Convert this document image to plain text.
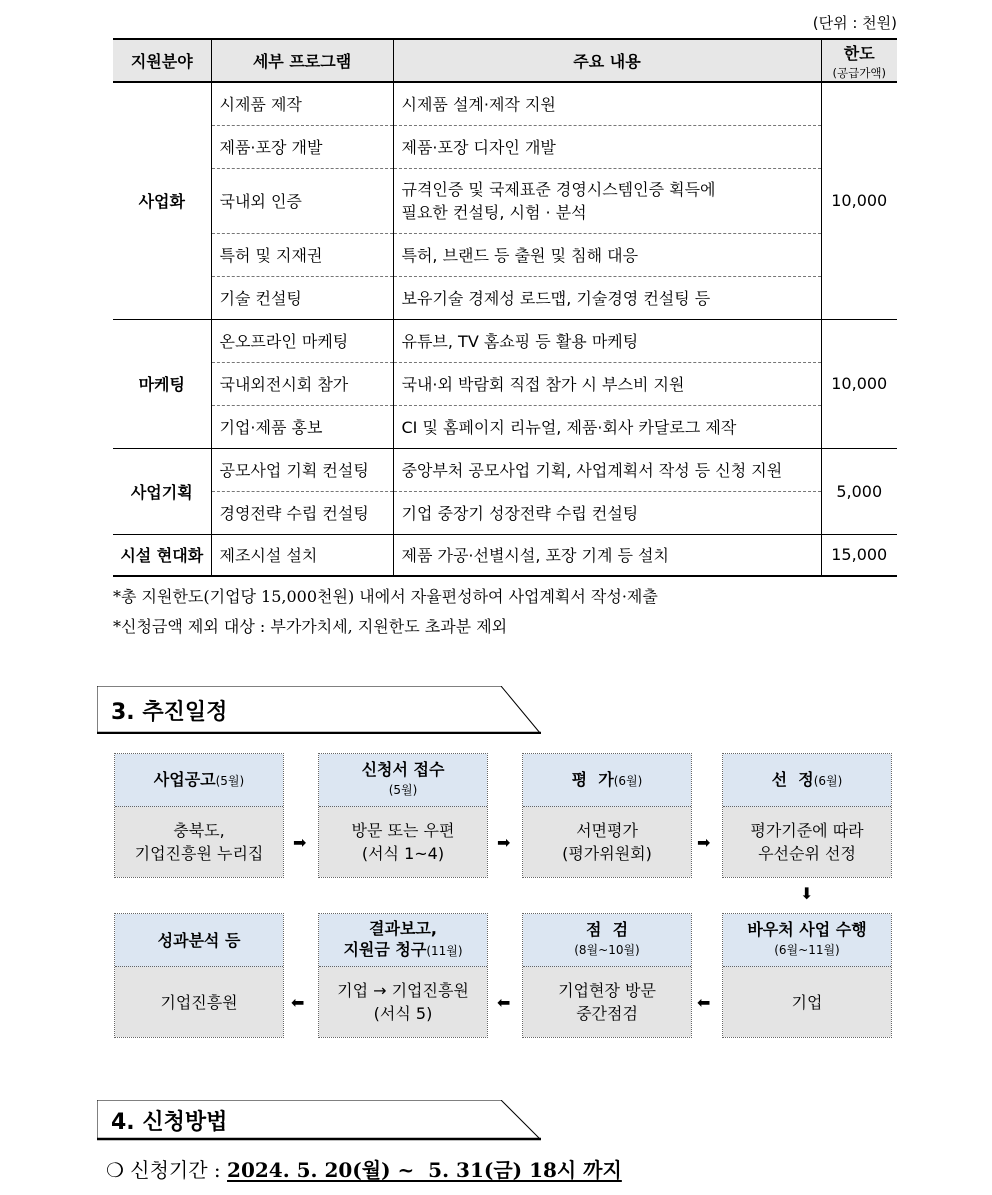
(단위 : 천원)
지원분야	세부 프로그램	주요 내용	한도
(공급가액)

사업화	시제품 제작	시제품 설계·제작 지원	10,000
	제품·포장 개발	제품·포장 디자인 개발	
	국내외 인증	규격인증 및 국제표준 경영시스템인증 획득에
필요한 컨설팅, 시험 · 분석	

	특허 및 지재권	특허, 브랜드 등 출원 및 침해 대응	
	기술 컨설팅	보유기술 경제성 로드맵, 기술경영 컨설팅 등	
마케팅	온오프라인 마케팅	유튜브, TV 홈쇼핑 등 활용 마케팅	10,000
	국내외전시회 참가	국내·외 박람회 직접 참가 시 부스비 지원	
	기업·제품 홍보	CI 및 홈페이지 리뉴얼, 제품·회사 카달로그 제작	
사업기획	공모사업 기획 컨설팅	중앙부처 공모사업 기획, 사업계획서 작성 등 신청 지원	5,000
	경영전략 수립 컨설팅	기업 중장기 성장전략 수립 컨설팅	
시설 현대화	제조시설 설치	제품 가공·선별시설, 포장 기계 등 설치	15,000
*총 지원한도(기업당 15,000천원) 내에서 자율편성하여 사업계획서 작성·제출
*신청금액 제외 대상 : 부가가치세, 지원한도 초과분 제외
3. 추진일정
사업공고(5월)
충북도,
기업진흥원 누리집
➡
신청서 접수
(5월)
방문 또는 우편
(서식 1~4)
➡
평  가(6월)
서면평가
(평가위원회)
➡
선  정(6월)
평가기준에 따라
우선순위 선정
⬇
성과분석 등
기업진흥원	⬅
결과보고,
지원금 청구(11월)
기업 → 기업진흥원
(서식 5)
⬅
점  검
(8월~10월)
기업현장 방문
중간점검
⬅
바우처 사업 수행
(6월~11월)
기업
4. 신청방법
❍ 신청기간 : 2024. 5. 20(월) ~  5. 31(금) 18시 까지
